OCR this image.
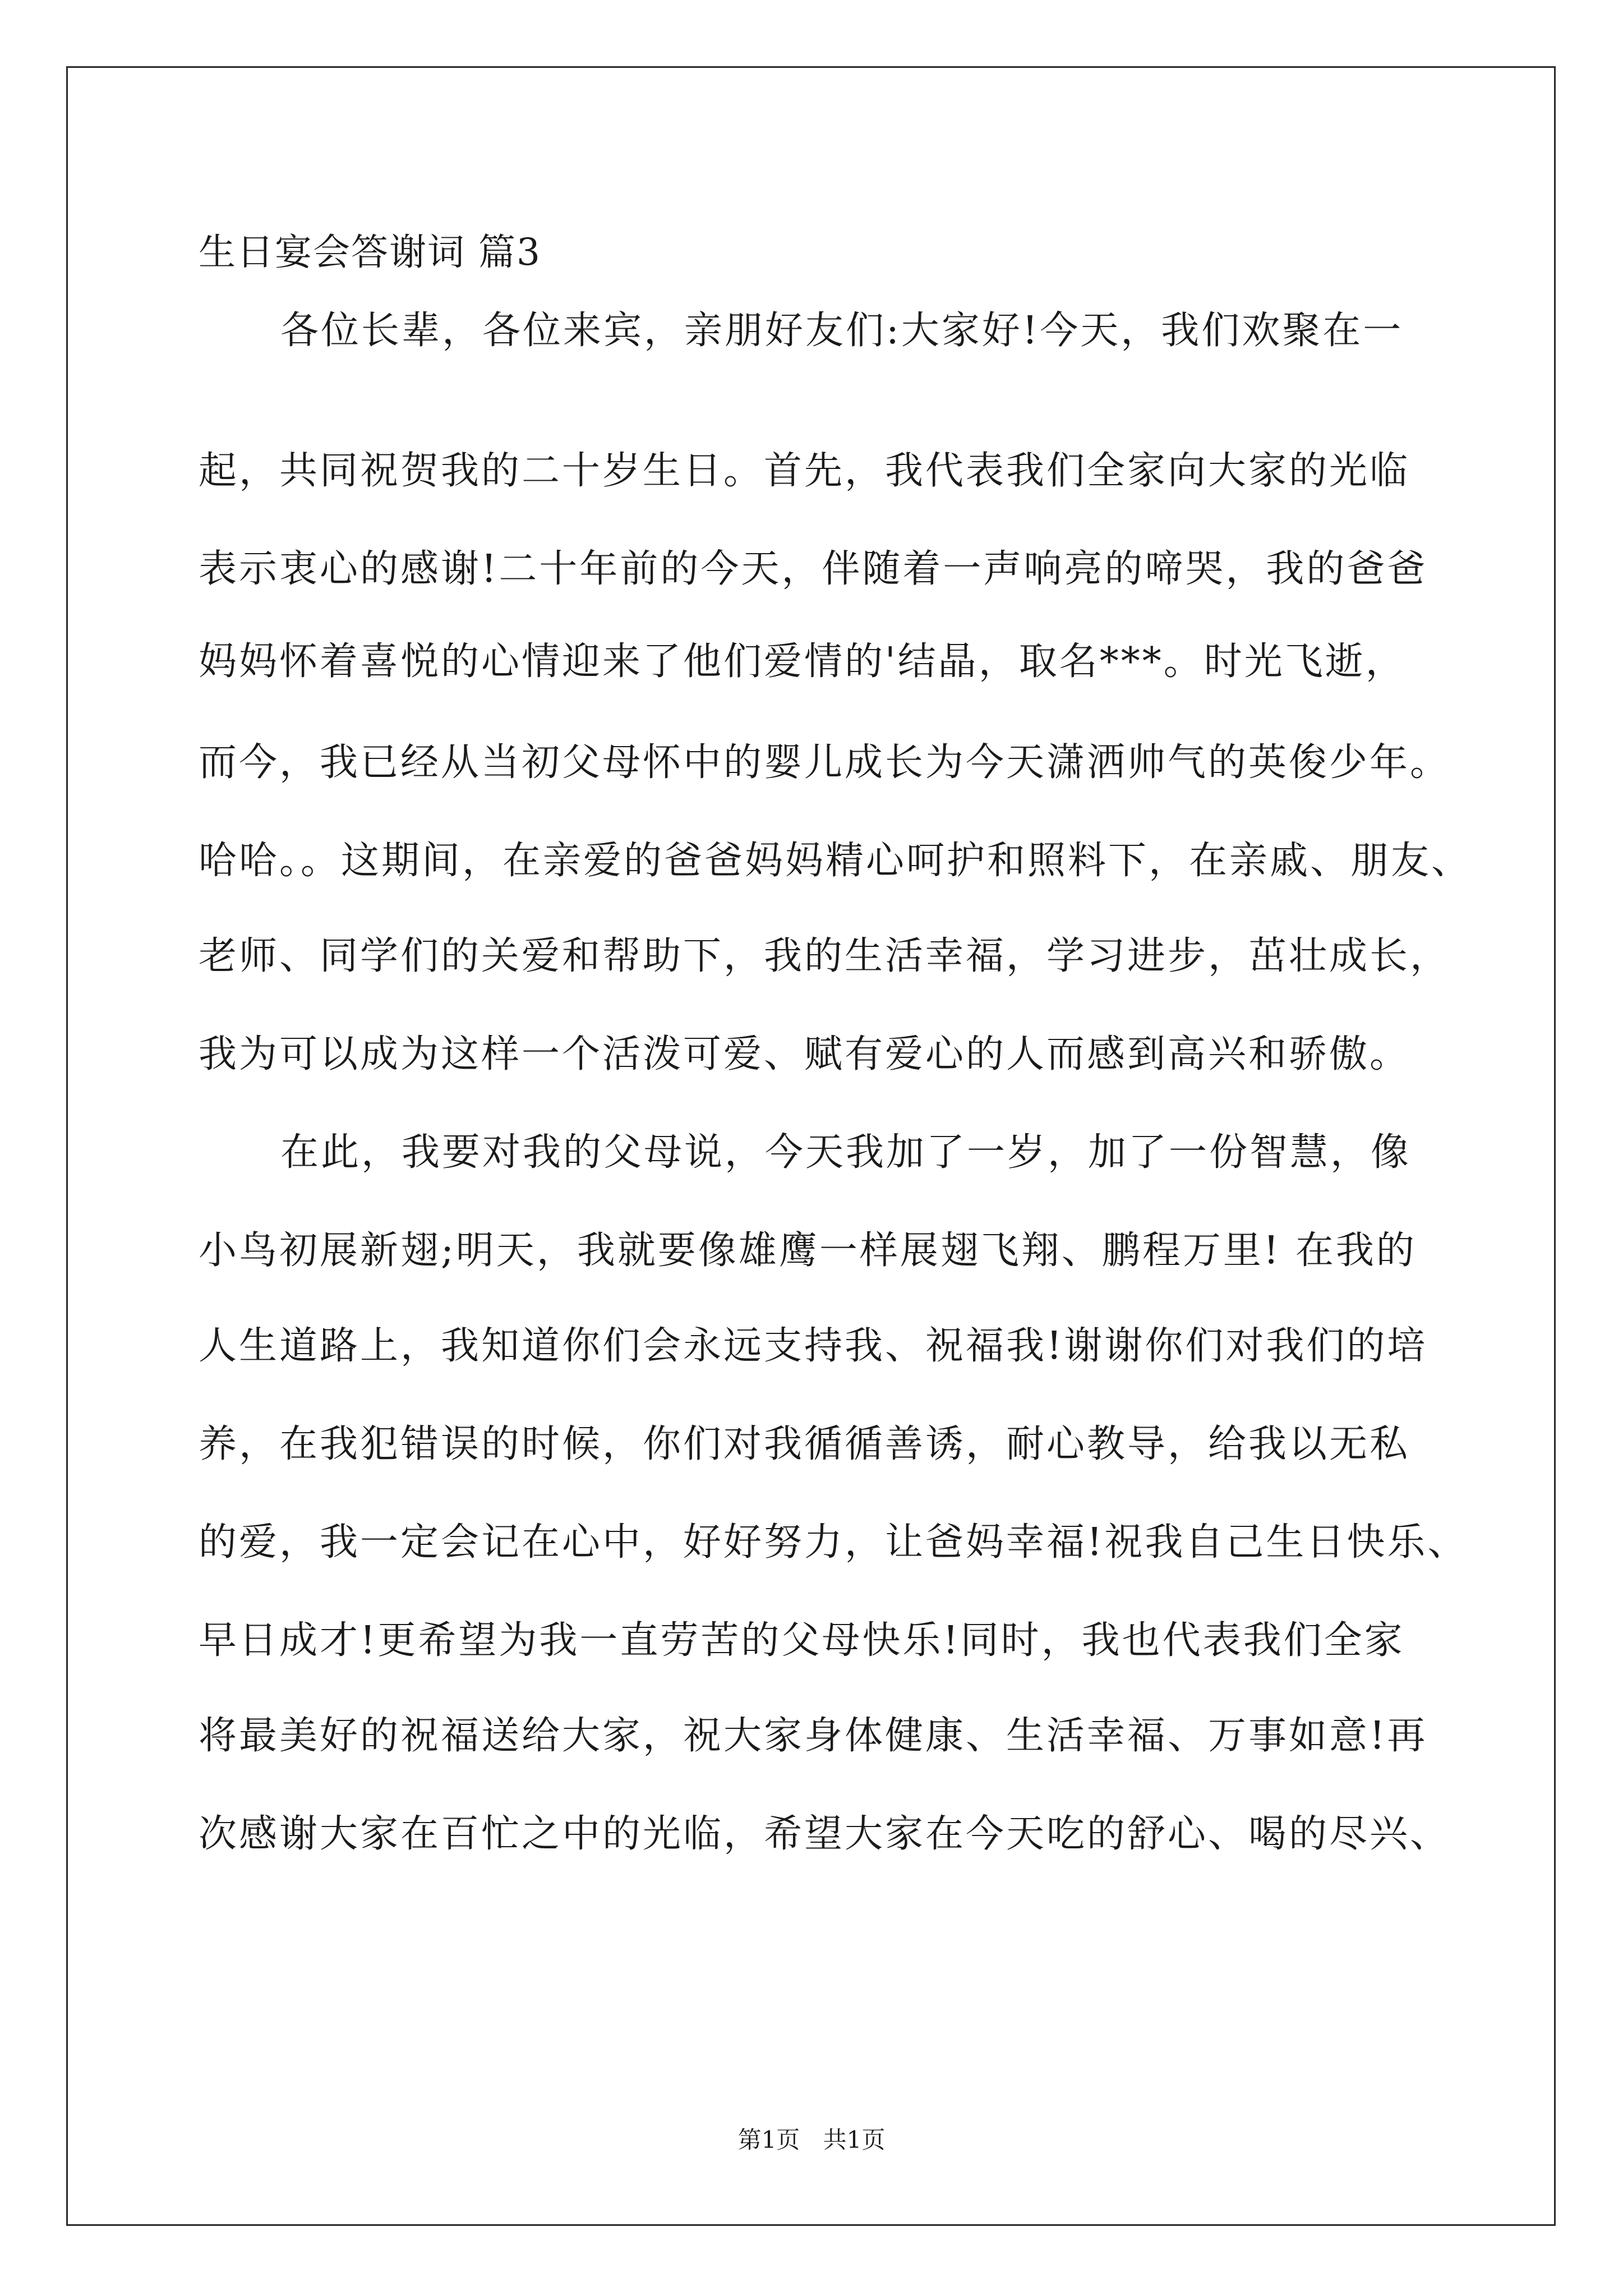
生日宴会答谢词 篇3
各位长辈，各位来宾，亲朋好友们:大家好!今天，我们欢聚在一
起，共同祝贺我的二十岁生日。首先，我代表我们全家向大家的光临
表示衷心的感谢!二十年前的今天，伴随着一声响亮的啼哭，我的爸爸
妈妈怀着喜悦的心情迎来了他们爱情的'结晶，取名***。时光飞逝，
而今，我已经从当初父母怀中的婴儿成长为今天潇洒帅气的英俊少年。
哈哈。。这期间，在亲爱的爸爸妈妈精心呵护和照料下，在亲戚、朋友、
老师、同学们的关爱和帮助下，我的生活幸福，学习进步，茁壮成长，
我为可以成为这样一个活泼可爱、赋有爱心的人而感到高兴和骄傲。
在此，我要对我的父母说，今天我加了一岁，加了一份智慧，像
小鸟初展新翅;明天，我就要像雄鹰一样展翅飞翔、鹏程万里! 在我的
人生道路上，我知道你们会永远支持我、祝福我!谢谢你们对我们的培
养，在我犯错误的时候，你们对我循循善诱，耐心教导，给我以无私
的爱，我一定会记在心中，好好努力，让爸妈幸福!祝我自己生日快乐、
早日成才!更希望为我一直劳苦的父母快乐!同时，我也代表我们全家
将最美好的祝福送给大家，祝大家身体健康、生活幸福、万事如意!再
次感谢大家在百忙之中的光临，希望大家在今天吃的舒心、喝的尽兴、
第1页 共1页
